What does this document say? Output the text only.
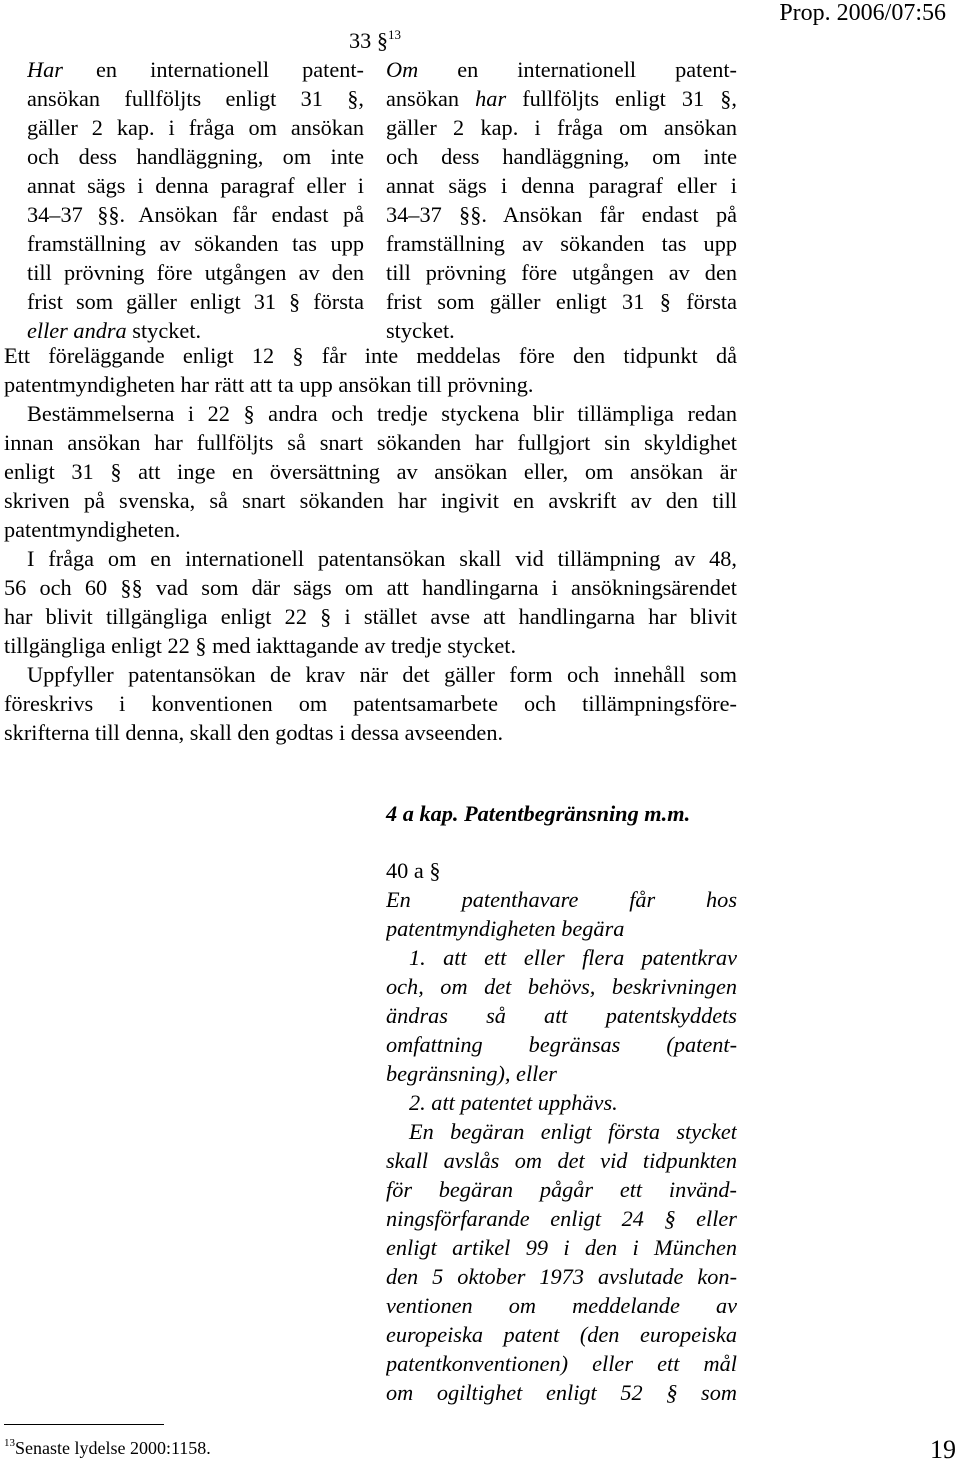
Prop. 2006/07:56
33 §$^{13}$
Har en internationell patent-
ansökan fullföljts enligt 31 §,
gäller 2 kap. i fråga om ansökan
och dess handläggning, om inte
annat sägs i denna paragraf eller i
34–37 §§. Ansökan får endast på
framställning av sökanden tas upp
till prövning före utgången av den
frist som gäller enligt 31 § första
eller andra stycket.
Om en internationell patent-
ansökan har fullföljts enligt 31 §,
gäller 2 kap. i fråga om ansökan
och dess handläggning, om inte
annat sägs i denna paragraf eller i
34–37 §§. Ansökan får endast på
framställning av sökanden tas upp
till prövning före utgången av den
frist som gäller enligt 31 § första
stycket.
Ett föreläggande enligt 12 § får inte meddelas före den tidpunkt då
patentmyndigheten har rätt att ta upp ansökan till prövning.
Bestämmelserna i 22 § andra och tredje styckena blir tillämpliga redan
innan ansökan har fullföljts så snart sökanden har fullgjort sin skyldighet
enligt 31 § att inge en översättning av ansökan eller, om ansökan är
skriven på svenska, så snart sökanden har ingivit en avskrift av den till
patentmyndigheten.
I fråga om en internationell patentansökan skall vid tillämpning av 48,
56 och 60 §§ vad som där sägs om att handlingarna i ansökningsärendet
har blivit tillgängliga enligt 22 § i stället avse att handlingarna har blivit
tillgängliga enligt 22 § med iakttagande av tredje stycket.
Uppfyller patentansökan de krav när det gäller form och innehåll som
föreskrivs i konventionen om patentsamarbete och tillämpningsföre-
skrifterna till denna, skall den godtas i dessa avseenden.
4 a kap. Patentbegränsning m.m.
40 a §
En patenthavare får hos
patentmyndigheten begära
1. att ett eller flera patentkrav
och, om det behövs, beskrivningen
ändras så att patentskyddets
omfattning begränsas (patent-
begränsning), eller
2. att patentet upphävs.
En begäran enligt första stycket
skall avslås om det vid tidpunkten
för begäran pågår ett invänd-
ningsförfarande enligt 24 § eller
enligt artikel 99 i den i München
den 5 oktober 1973 avslutade kon-
ventionen om meddelande av
europeiska patent (den europeiska
patentkonventionen) eller ett mål
om ogiltighet enligt 52 § som
$^{13}$Senaste lydelse 2000:1158.	19
